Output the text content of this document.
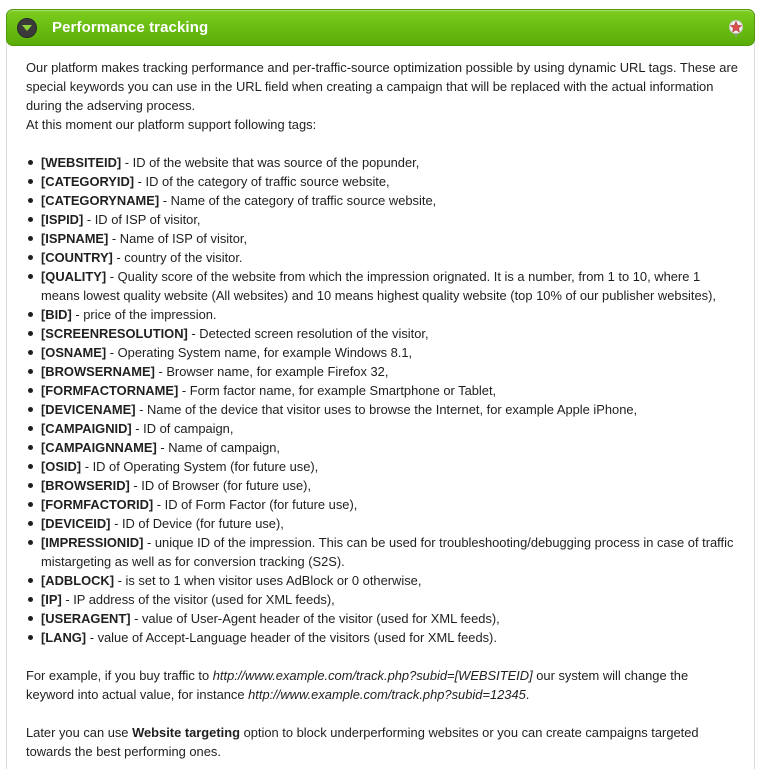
Performance tracking

Our platform makes tracking performance and per-traffic-source optimization possible by using dynamic URL tags. These are special keywords you can use in the URL field when creating a campaign that will be replaced with the actual information during the adserving process.

At this moment our platform support following tags:

[WEBSITEID] - ID of the website that was source of the popunder,
[CATEGORYID] - ID of the category of traffic source website,
[CATEGORYNAME] - Name of the category of traffic source website,
[ISPID] - ID of ISP of visitor,
[ISPNAME] - Name of ISP of visitor,
[COUNTRY] - country of the visitor.
[QUALITY] - Quality score of the website from which the impression orignated. It is a number, from 1 to 10, where 1 means lowest quality website (All websites) and 10 means highest quality website (top 10% of our publisher websites),
[BID] - price of the impression.
[SCREENRESOLUTION] - Detected screen resolution of the visitor,
[OSNAME] - Operating System name, for example Windows 8.1,
[BROWSERNAME] - Browser name, for example Firefox 32,
[FORMFACTORNAME] - Form factor name, for example Smartphone or Tablet,
[DEVICENAME] - Name of the device that visitor uses to browse the Internet, for example Apple iPhone,
[CAMPAIGNID] - ID of campaign,
[CAMPAIGNNAME] - Name of campaign,
[OSID] - ID of Operating System (for future use),
[BROWSERID] - ID of Browser (for future use),
[FORMFACTORID] - ID of Form Factor (for future use),
[DEVICEID] - ID of Device (for future use),
[IMPRESSIONID] - unique ID of the impression. This can be used for troubleshooting/debugging process in case of traffic mistargeting as well as for conversion tracking (S2S).
[ADBLOCK] - is set to 1 when visitor uses AdBlock or 0 otherwise,
[IP] - IP address of the visitor (used for XML feeds),
[USERAGENT] - value of User-Agent header of the visitor (used for XML feeds),
[LANG] - value of Accept-Language header of the visitors (used for XML feeds).

For example, if you buy traffic to http://www.example.com/track.php?subid=[WEBSITEID] our system will change the keyword into actual value, for instance http://www.example.com/track.php?subid=12345.

Later you can use Website targeting option to block underperforming websites or you can create campaigns targeted towards the best performing ones.
